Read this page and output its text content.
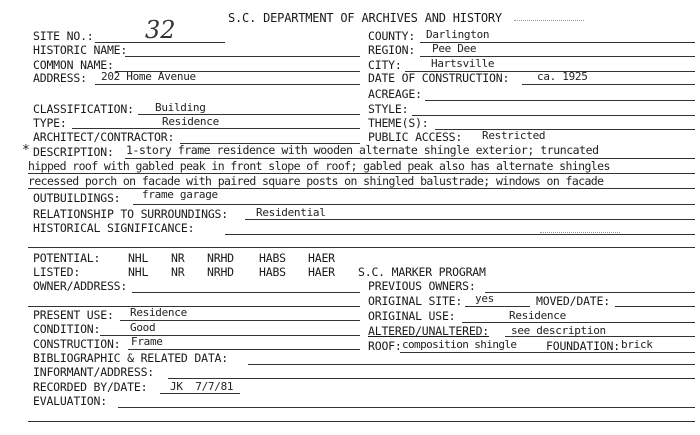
S.C. DEPARTMENT OF ARCHIVES AND HISTORY
SITE NO.: 32
HISTORIC NAME:
COMMON NAME:
ADDRESS: 202 Home Avenue
CLASSIFICATION: Building
TYPE:	Residence
ARCHITECT/CONTRACTOR:
COUNTY: Darlington
REGION: Pee Dee
CITY:	Hartsville
DATE OF CONSTRUCTION:	ca. 1925
ACREAGE:
STYLE:
THEME(S):
PUBLIC ACCESS: Restricted
* DESCRIPTION: 1-story frame residence with wooden alternate shingle exterior; truncated
hipped roof with gabled peak in front slope of roof; gabled peak also has alternate shingles
recessed porch on facade with paired square posts on shingled balustrade; windows on facade
OUTBUILDINGS: frame garage
RELATIONSHIP TO SURROUNDINGS:	Residential
HISTORICAL SIGNIFICANCE:
POTENTIAL: NHL NR NRHD HABS HAER
LISTED:	NHL NR NRHD HABS HAER
OWNER/ADDRESS:
S.C. MARKER PROGRAM
PREVIOUS OWNERS:
ORIGINAL SITE: yes	MOVED/DATE:
ORIGINAL USE:	Residence
ALTERED/UNALTERED: see description
ROOF: composition shingle	FOUNDATION: brick
PRESENT USE: Residence
CONDITION:	Good
CONSTRUCTION: Frame
BIBLIOGRAPHIC & RELATED DATA:
INFORMANT/ADDRESS:
RECORDED BY/DATE: JK  7/7/81
EVALUATION:
